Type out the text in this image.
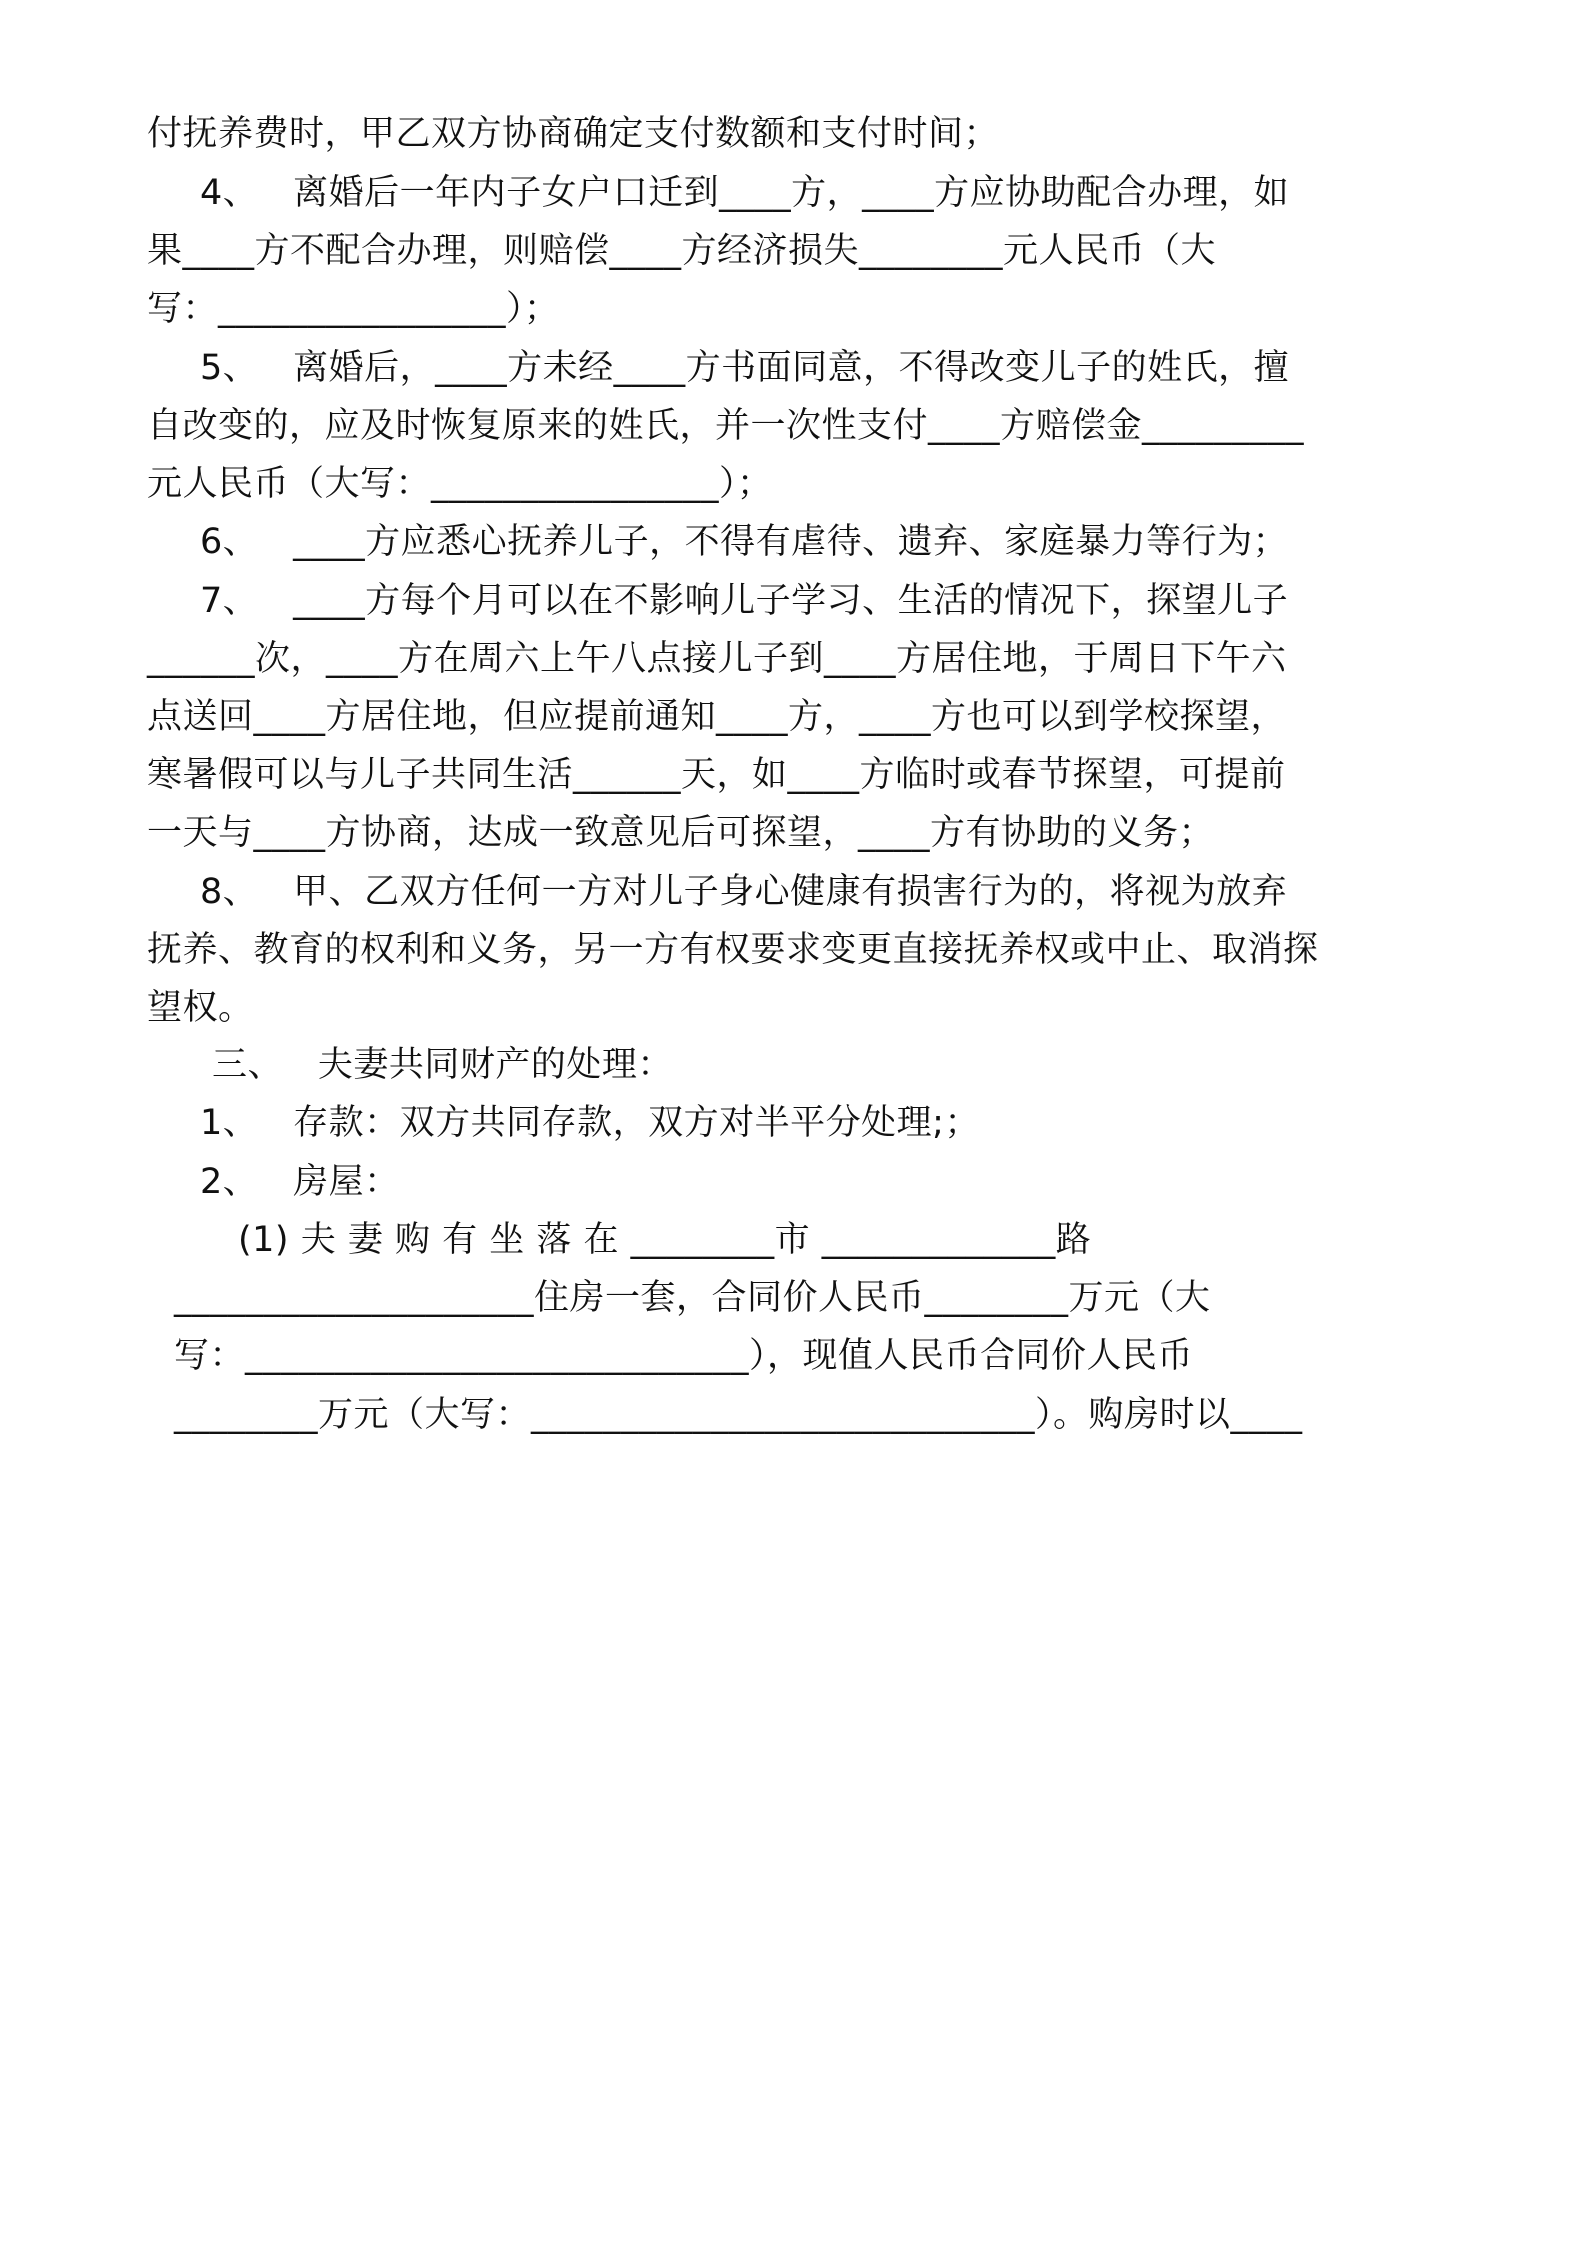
付抚养费时，甲乙双方协商确定支付数额和支付时间；
4、   离婚后一年内子女户口迁到____方，____方应协助配合办理，如
果____方不配合办理，则赔偿____方经济损失________元人民币（大
写：________________）；
5、   离婚后，____方未经____方书面同意，不得改变儿子的姓氏，擅
自改变的，应及时恢复原来的姓氏，并一次性支付____方赔偿金_________
元人民币（大写：________________）；
6、   ____方应悉心抚养儿子，不得有虐待、遗弃、家庭暴力等行为；
7、   ____方每个月可以在不影响儿子学习、生活的情况下，探望儿子
______次，____方在周六上午八点接儿子到____方居住地，于周日下午六
点送回____方居住地，但应提前通知____方，____方也可以到学校探望，
寒暑假可以与儿子共同生活______天，如____方临时或春节探望，可提前
一天与____方协商，达成一致意见后可探望，____方有协助的义务；
8、   甲、乙双方任何一方对儿子身心健康有损害行为的，将视为放弃
抚养、教育的权利和义务，另一方有权要求变更直接抚养权或中止、取消探
望权。
三、   夫妻共同财产的处理：
1、   存款：双方共同存款，双方对半平分处理;；
2、   房屋：
(1) 夫 妻 购 有 坐 落 在 ________市 _____________路
____________________住房一套，合同价人民币________万元（大
写：____________________________），现值人民币合同价人民币
________万元（大写：____________________________）。购房时以____
